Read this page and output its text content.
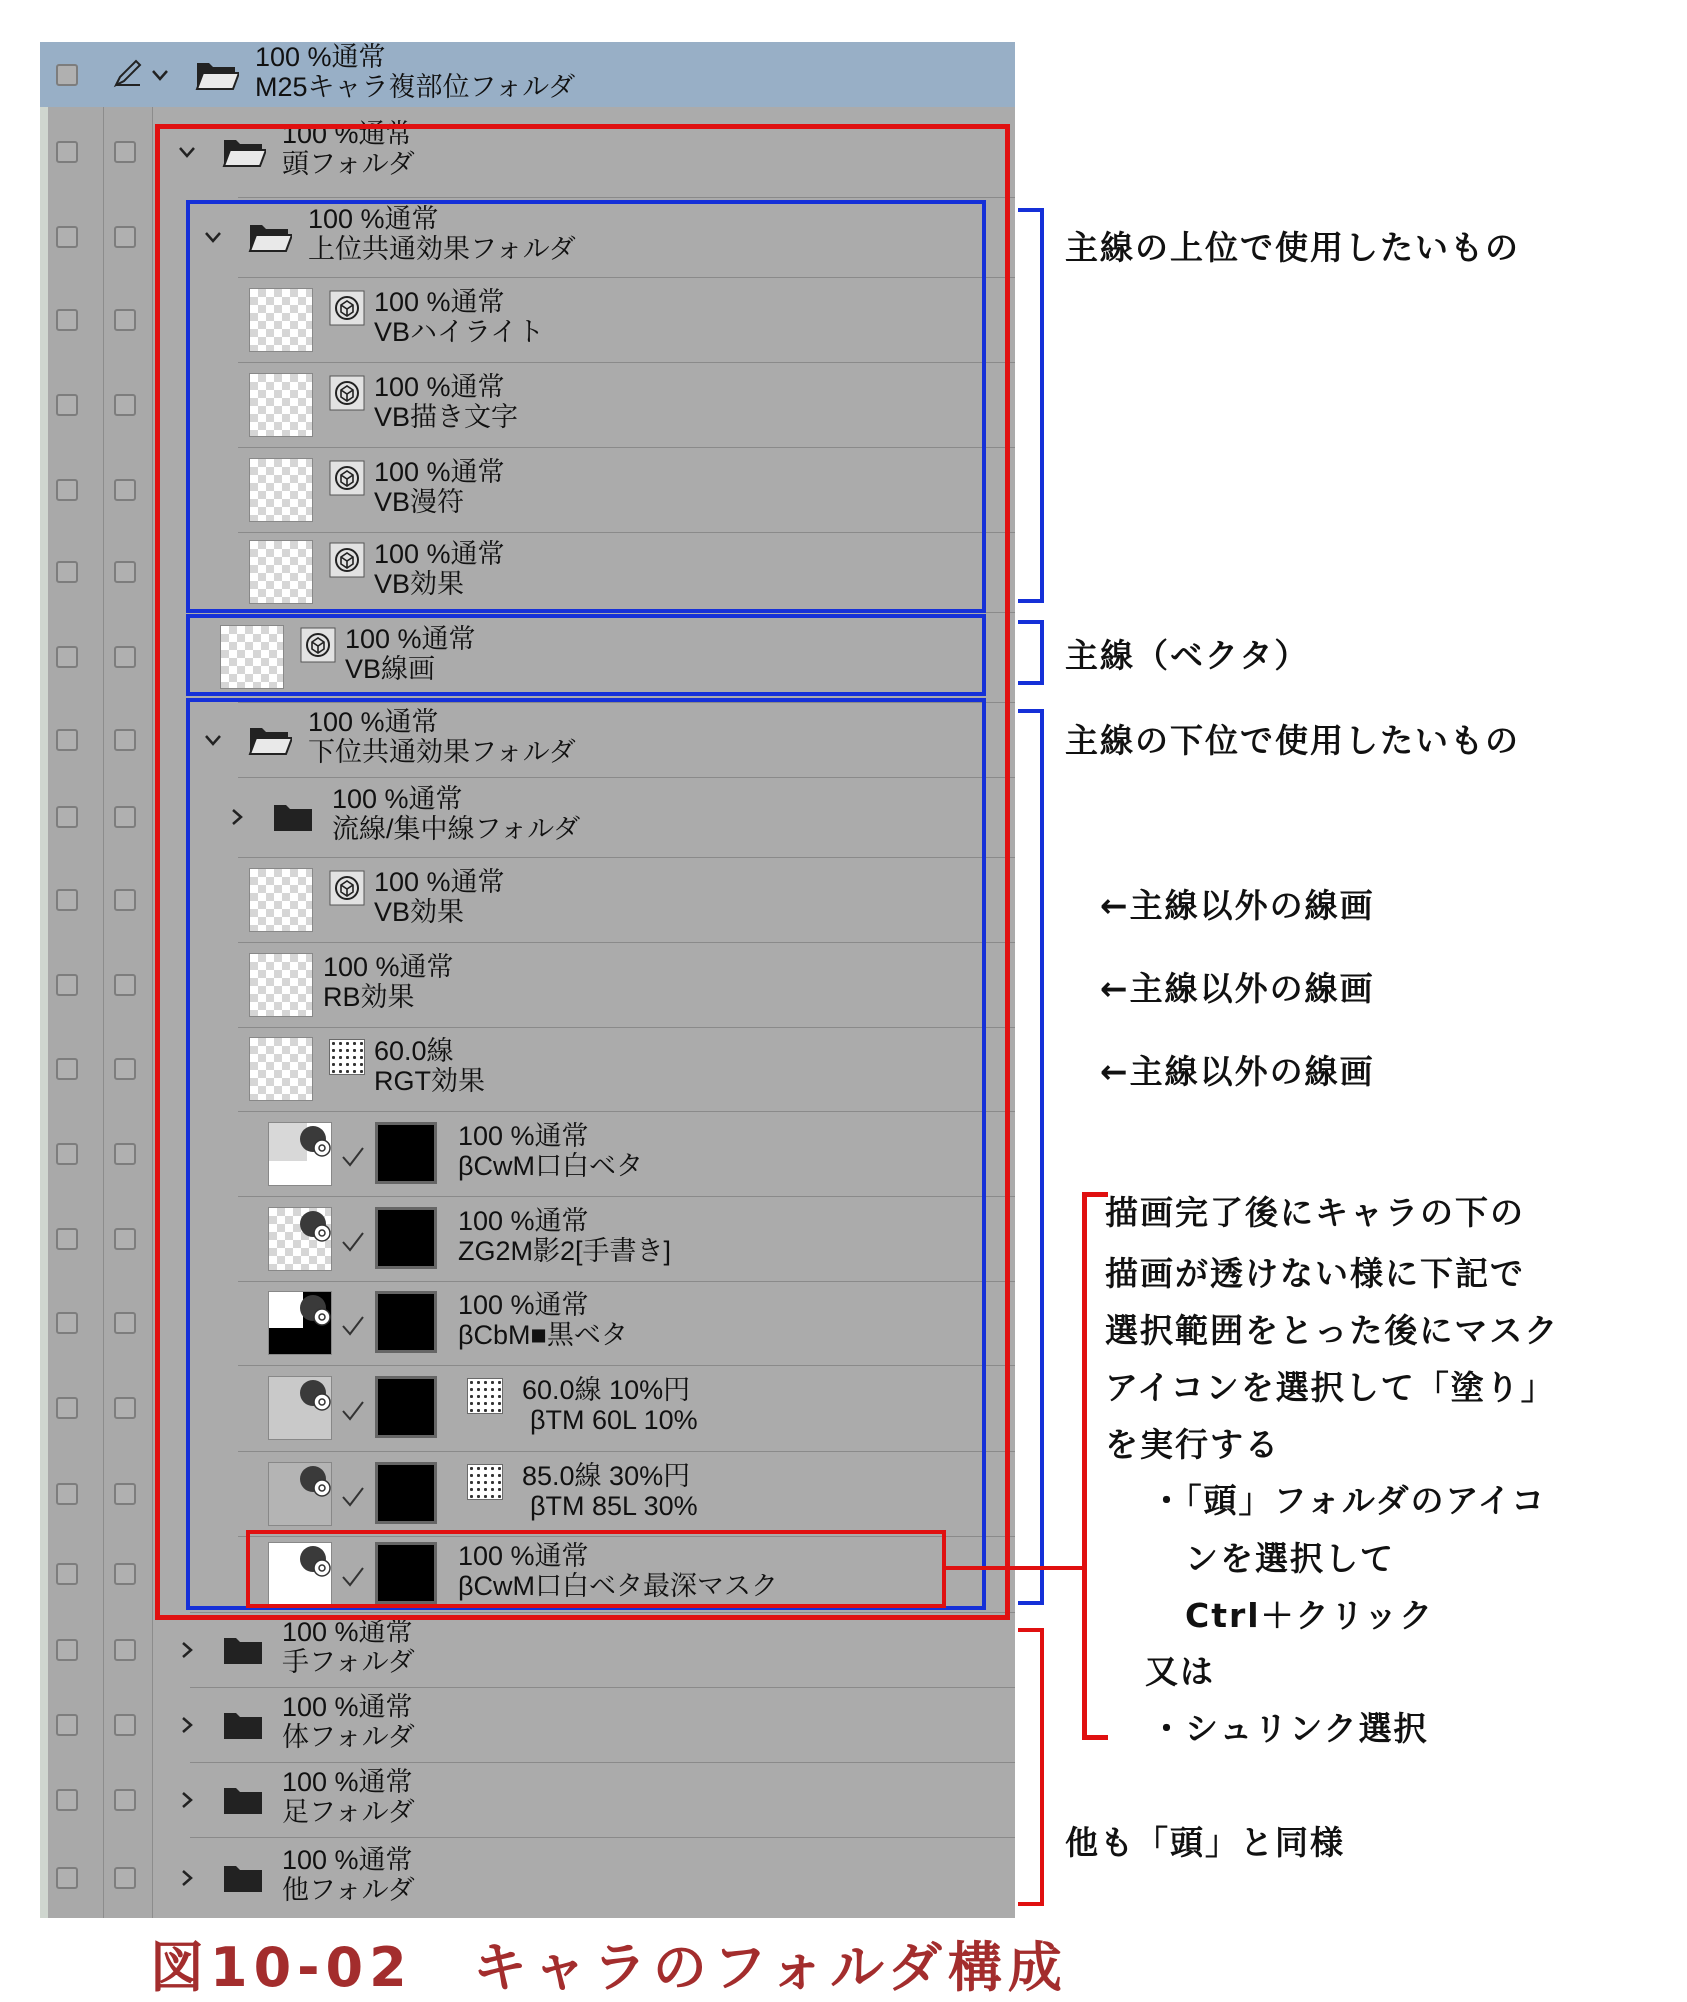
100 %通常
M25キャラ複部位フォルダ
100 %通常
頭フォルダ
100 %通常
上位共通効果フォルダ
100 %通常
VBハイライト
100 %通常
VB描き文字
100 %通常
VB漫符
100 %通常
VB効果
100 %通常
VB線画
100 %通常
下位共通効果フォルダ
100 %通常
流線/集中線フォルダ
100 %通常
VB効果
100 %通常
RB効果
60.0線
RGT効果
100 %通常
βCwM口白ベタ
100 %通常
ZG2M影2[手書き]
100 %通常
βCbM■黒ベタ
60.0線 10%円
βTM 60L 10%
85.0線 30%円
βTM 85L 30%
100 %通常
βCwM口白ベタ最深マスク
100 %通常
手フォルダ
100 %通常
体フォルダ
100 %通常
足フォルダ
100 %通常
他フォルダ
主線の上位で使用したいもの
主線（ベクタ）
主線の下位で使用したいもの
←主線以外の線画
←主線以外の線画
←主線以外の線画
描画完了後にキャラの下の
描画が透けない様に下記で
選択範囲をとった後にマスク
アイコンを選択して「塗り」
を実行する
・「頭」フォルダのアイコ
　ンを選択して
　Ctrl＋クリック
又は
・シュリンク選択
他も「頭」と同様
図10-02　キャラのフォルダ構成
